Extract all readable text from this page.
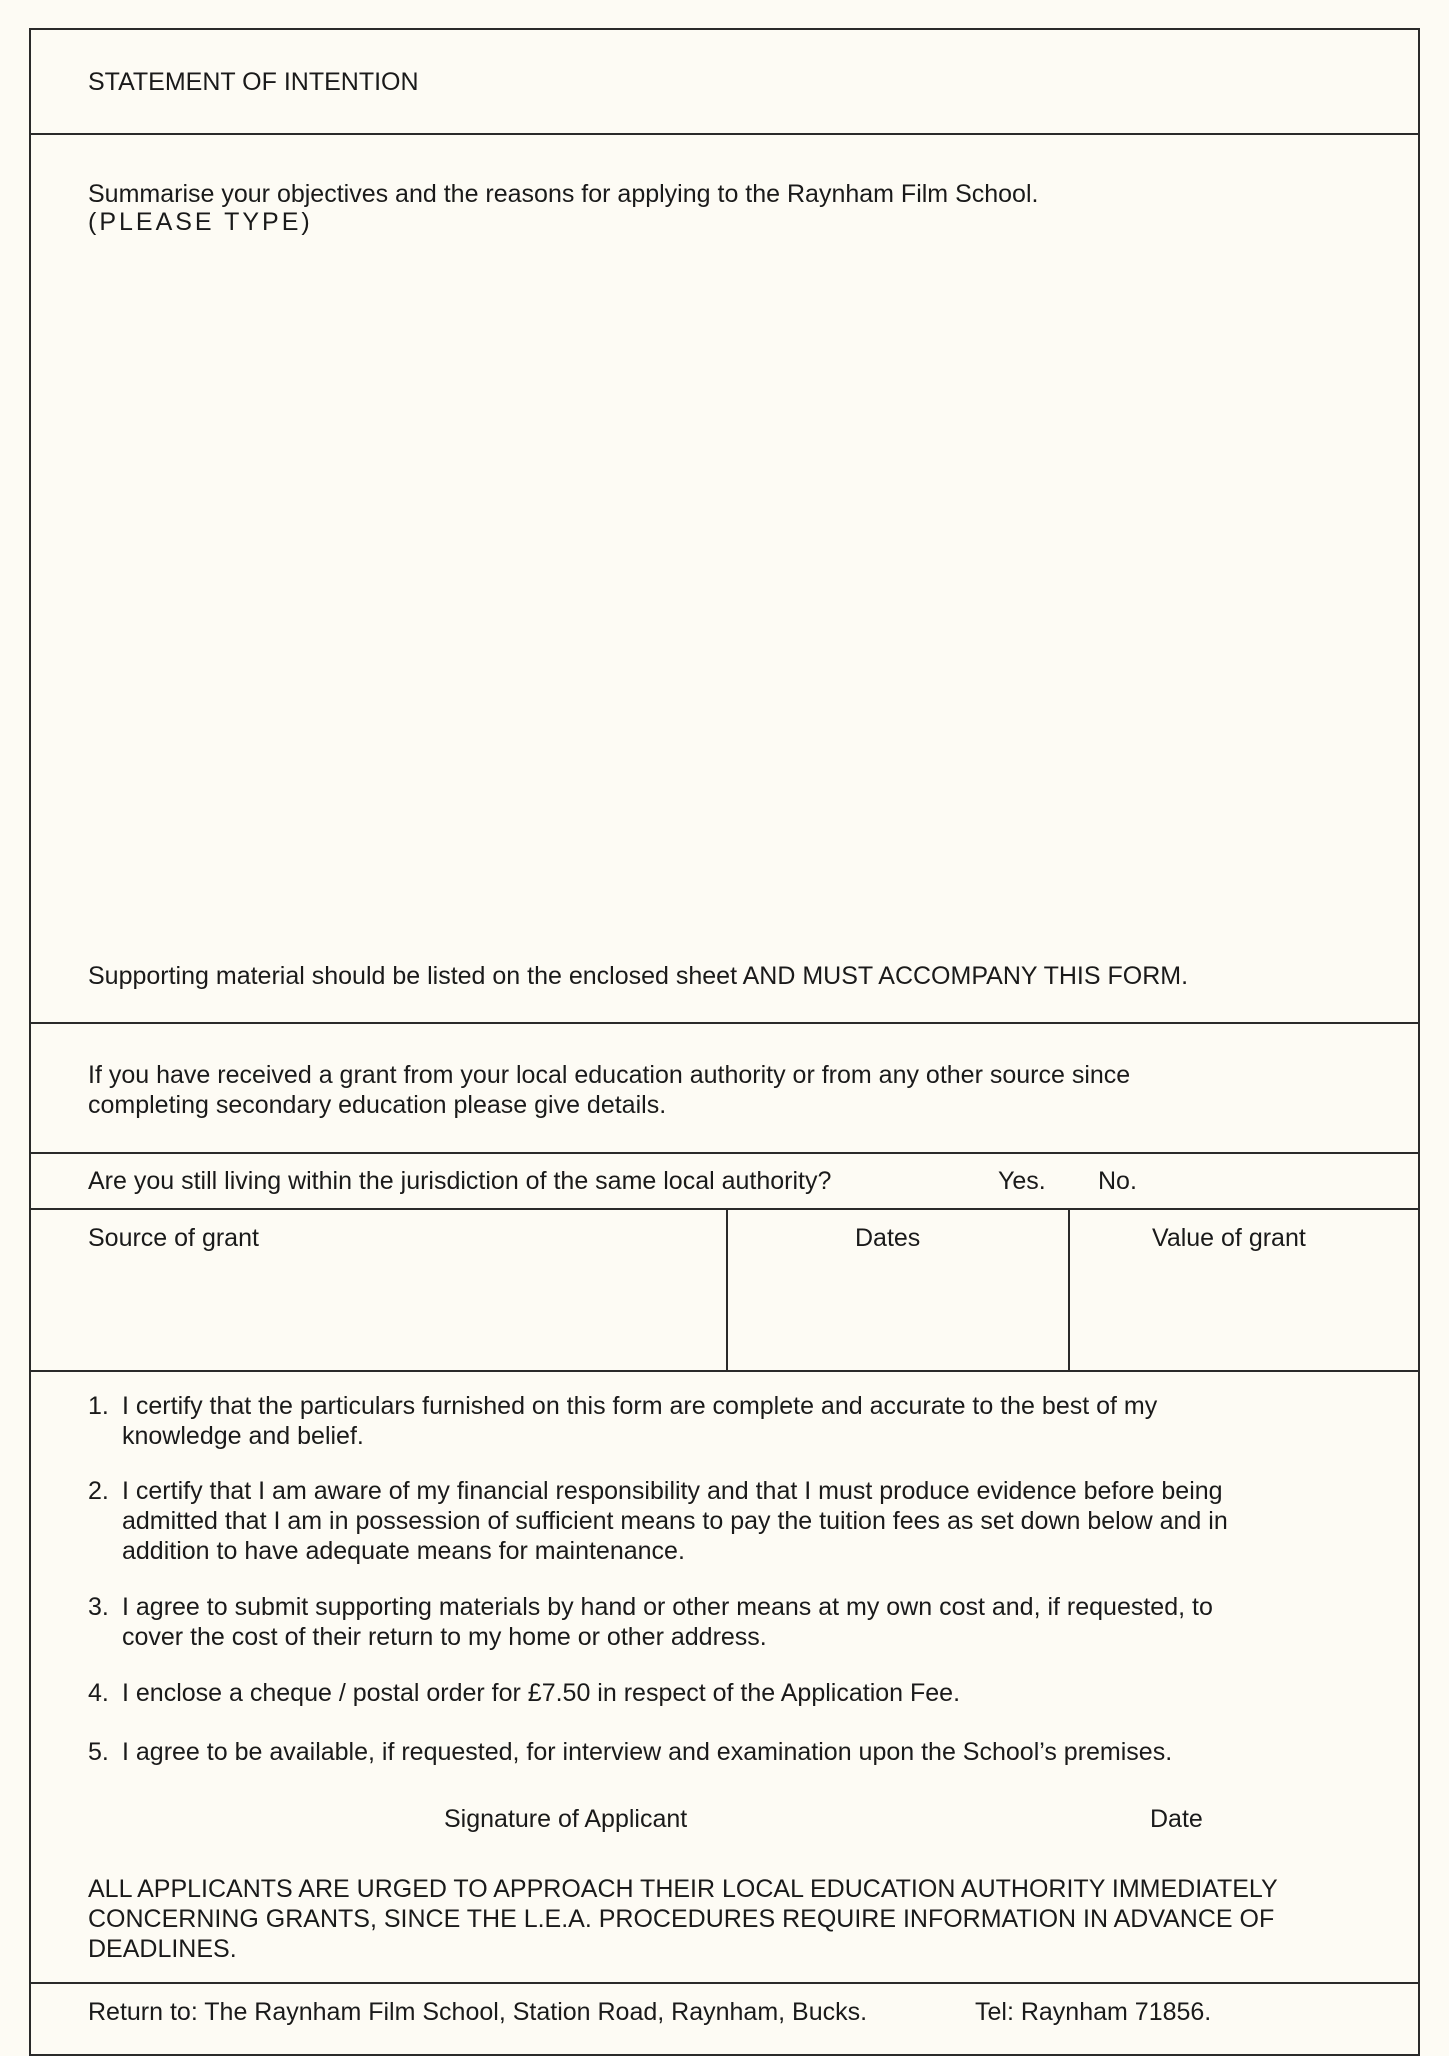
STATEMENT OF INTENTION

Summarise your objectives and the reasons for applying to the Raynham Film School.

(PLEASE TYPE)

Supporting material should be listed on the enclosed sheet AND MUST ACCOMPANY THIS FORM.

If you have received a grant from your local education authority or from any other source since

completing secondary education please give details.

Are you still living within the jurisdiction of the same local authority?	Yes. No.

Source of grant	Dates	Value of grant

1. I certify that the particulars furnished on this form are complete and accurate to the best of my
knowledge and belief.
2. I certify that I am aware of my financial responsibility and that I must produce evidence before being
admitted that I am in possession of sufficient means to pay the tuition fees as set down below and in
addition to have adequate means for maintenance.
3. I agree to submit supporting materials by hand or other means at my own cost and, if requested, to
cover the cost of their return to my home or other address.
4. I enclose a cheque / postal order for £7.50 in respect of the Application Fee.
5. I agree to be available, if requested, for interview and examination upon the School’s premises.

Signature of Applicant	Date

ALL APPLICANTS ARE URGED TO APPROACH THEIR LOCAL EDUCATION AUTHORITY IMMEDIATELY

CONCERNING GRANTS, SINCE THE L.E.A. PROCEDURES REQUIRE INFORMATION IN ADVANCE OF

DEADLINES.

Return to: The Raynham Film School, Station Road, Raynham, Bucks.	Tel: Raynham 71856.
